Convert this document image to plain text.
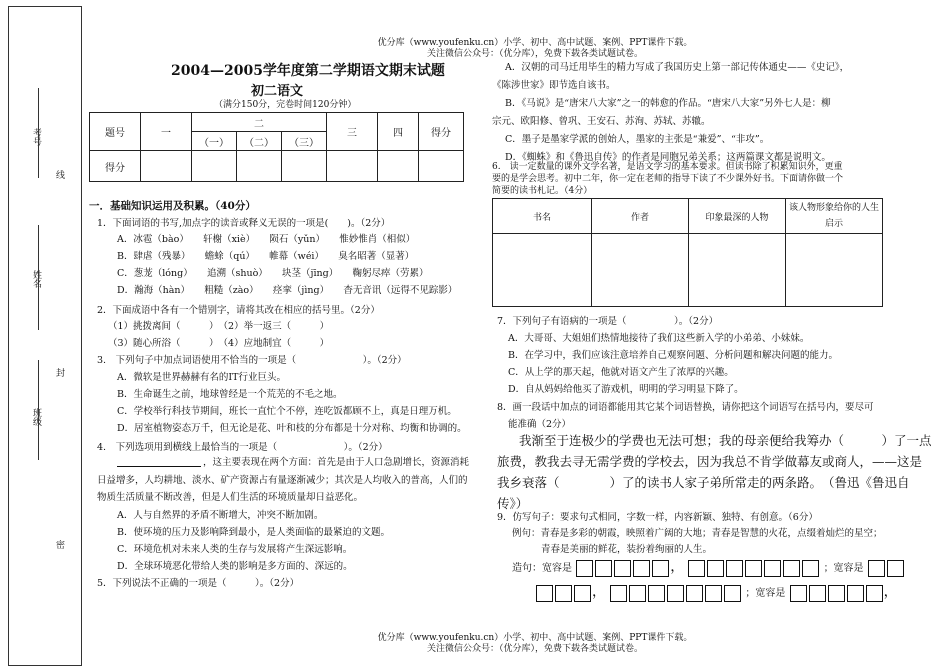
优分库（www.youfenku.cn）小学、初中、高中试题、案例、PPT课件下载。
关注微信公众号：（优分库），免费下载各类试题试卷。
优分库（www.youfenku.cn）小学、初中、高中试题、案例、PPT课件下载。
关注微信公众号：（优分库），免费下载各类试题试卷。
考号
线
姓名
封
班级
密
2004—2005学年度第二学期语文期末试题
初二语文
（满分150分，完卷时间120分钟）
题号	一	二			三	四	得分
		（一）	（二）	（三）			
得分							
一．基础知识运用及积累。（40分）
1．下面词语的书写,加点字的读音或释义无误的一项是(　　)。（2分）
A．冰雹（bào）　　轩榭（xiè）　　陨石（yǔn）　　惟妙惟肖（相似）
B．肆虐（残暴）　　蟾蜍（qú）　　帷幕（wéi）　　臭名昭著（显著）
C．葱茏（lóng）　　追溯（shuò）　　块茎（jīng）　　鞠躬尽瘁（劳累）
D．瀚海（hàn）　　粗糙（zào）　　痉挛（jìng）　　杳无音讯（远得不见踪影）
2．下面成语中各有一个错别字，请将其改在相应的括号里。（2分）
（1）挑拨离间（　　　）　（2）举一返三（　　　）
（3）随心所浴（　　　）　（4）应地制宜（　　　）
3.　下列句子中加点词语使用不恰当的一项是（　　　　　　　）。（2分）
A．微软是世界赫赫有名的IT行业巨头。
B．生命诞生之前，地球曾经是一个荒芜的不毛之地。
C．学校举行科技节期间，班长一直忙个不停，连吃饭都顾不上，真是日理万机。
D．居室植物姿态万千，但无论是花、叶和枝的分布都是十分对称、均衡和协调的。
4.　下列选项用到横线上最恰当的一项是（　　　　　　　）。（2分）
，这主要表现在两个方面：首先是由于人口急剧增长，资源消耗
日益增多，人均耕地、淡水、矿产资源占有量逐渐减少；其次是人均收入的普高，人们的
物质生活质量不断改善，但是人们生活的环境质量却日益恶化。
A．人与自然界的矛盾不断增大，冲突不断加剧。
B．使环境的压力及影响降到最小，是人类面临的最紧迫的文题。
C．环境危机对未来人类的生存与发展将产生深远影响。
D．全球环境恶化带给人类的影响是多方面的、深远的。
5．下列说法不正确的一项是（　　　）。（2分）
A．汉朝的司马迁用毕生的精力写成了我国历史上第一部记传体通史——《史记》，
《陈涉世家》即节选自该书。
B．《马说》是“唐宋八大家”之一的韩愈的作品。“唐宋八大家”另外七人是：柳
宗元、欧阳修、曾巩、王安石、苏洵、苏轼、苏辙。
C．墨子是墨家学派的创始人，墨家的主张是“兼爱”、“非攻”。
D．《蜘蛛》和《鲁迅自传》的作者是同胞兄弟关系；这两篇课文都是说明文。
6.　读一定数量的课外文学名著，是语文学习的基本要求。但读书除了积累知识外，更重
要的是学会思考。初中二年，你一定在老师的指导下读了不少课外好书。下面请你做一个
简要的读书札记。（4分）
书名	作者	印象最深的人物	该人物形象给你的人生启示

7．下列句子有语病的一项是（　　　　　）。（2分）
A．大哥哥、大姐姐们热情地接待了我们这些新入学的小弟弟、小妹妹。
B．在学习中，我们应该注意培养自己观察问题、分析问题和解决问题的能力。
C．从上学的那天起，他就对语文产生了浓厚的兴趣。
D．自从妈妈给他买了游戏机，明明的学习明显下降了。
8．画一段话中加点的词语都能用其它某个词语替换，请你把这个词语写在括号内，要尽可
能准确（2分）
我渐至于连极少的学费也无法可想；我的母亲便给我筹办（　　　）了一点
旅费，教我去寻无需学费的学校去，因为我总不肯学做幕友或商人，——这是
我乡衰落（　　　　）了的读书人家子弟所常走的两条路。　（鲁迅《鲁迅自
传》）
9．仿写句子：要求句式相同，字数一样，内容新颖、独特、有创意。（6分）
例句：青春是多彩的朝霞，映照着广阔的大地；青春是智慧的火花，点缀着灿烂的星空；
青春是美丽的鲜花，装扮着绚丽的人生。
造句：宽容是	，	；宽容是
，	；宽容是	，
